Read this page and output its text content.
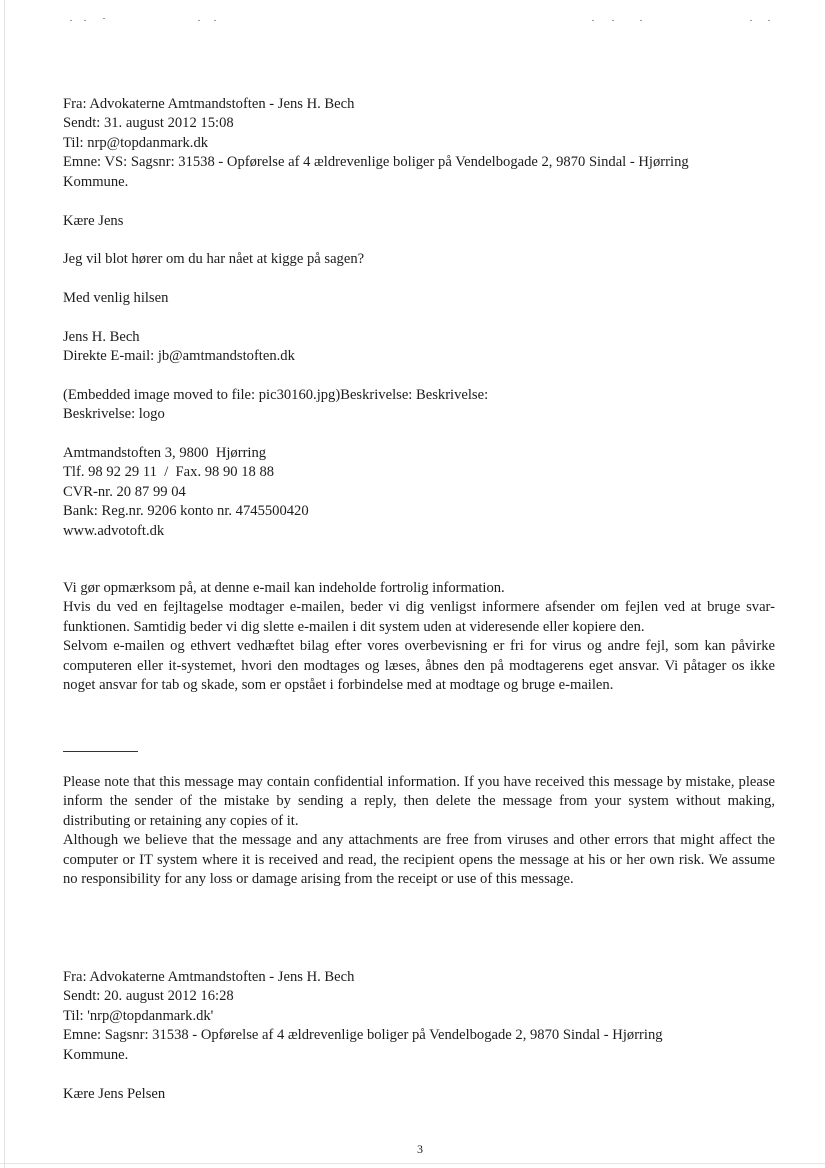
Fra: Advokaterne Amtmandstoften - Jens H. Bech
Sendt: 31. august 2012 15:08
Til: nrp@topdanmark.dk
Emne: VS: Sagsnr: 31538 - Opførelse af 4 ældrevenlige boliger på Vendelbogade 2, 9870 Sindal - Hjørring
Kommune.
Kære Jens
Jeg vil blot hører om du har nået at kigge på sagen?
Med venlig hilsen
Jens H. Bech
Direkte E-mail: jb@amtmandstoften.dk
(Embedded image moved to file: pic30160.jpg)Beskrivelse: Beskrivelse:
Beskrivelse: logo
Amtmandstoften 3, 9800  Hjørring
Tlf. 98 92 29 11  /  Fax. 98 90 18 88
CVR-nr. 20 87 99 04
Bank: Reg.nr. 9206 konto nr. 4745500420
www.advotoft.dk

Vi gør opmærksom på, at denne e-mail kan indeholde fortrolig information.

Hvis du ved en fejltagelse modtager e-mailen, beder vi dig venligst informere afsender om fejlen ved at bruge svar-funktionen. Samtidig beder vi dig slette e-mailen i dit system uden at videresende eller kopiere den.

Selvom e-mailen og ethvert vedhæftet bilag efter vores overbevisning er fri for virus og andre fejl, som kan påvirke computeren eller it-systemet, hvori den modtages og læses, åbnes den på modtagerens eget ansvar. Vi påtager os ikke noget ansvar for tab og skade, som er opstået i forbindelse med at modtage og bruge e-mailen.

Please note that this message may contain confidential information. If you have received this message by mistake, please inform the sender of the mistake by sending a reply, then delete the message from your system without making, distributing or retaining any copies of it.

Although we believe that the message and any attachments are free from viruses and other errors that might affect the computer or IT system where it is received and read, the recipient opens the message at his or her own risk. We assume no responsibility for any loss or damage arising from the receipt or use of this message.

Fra: Advokaterne Amtmandstoften - Jens H. Bech
Sendt: 20. august 2012 16:28
Til: 'nrp@topdanmark.dk'
Emne: Sagsnr: 31538 - Opførelse af 4 ældrevenlige boliger på Vendelbogade 2, 9870 Sindal - Hjørring
Kommune.
Kære Jens Pelsen
3
